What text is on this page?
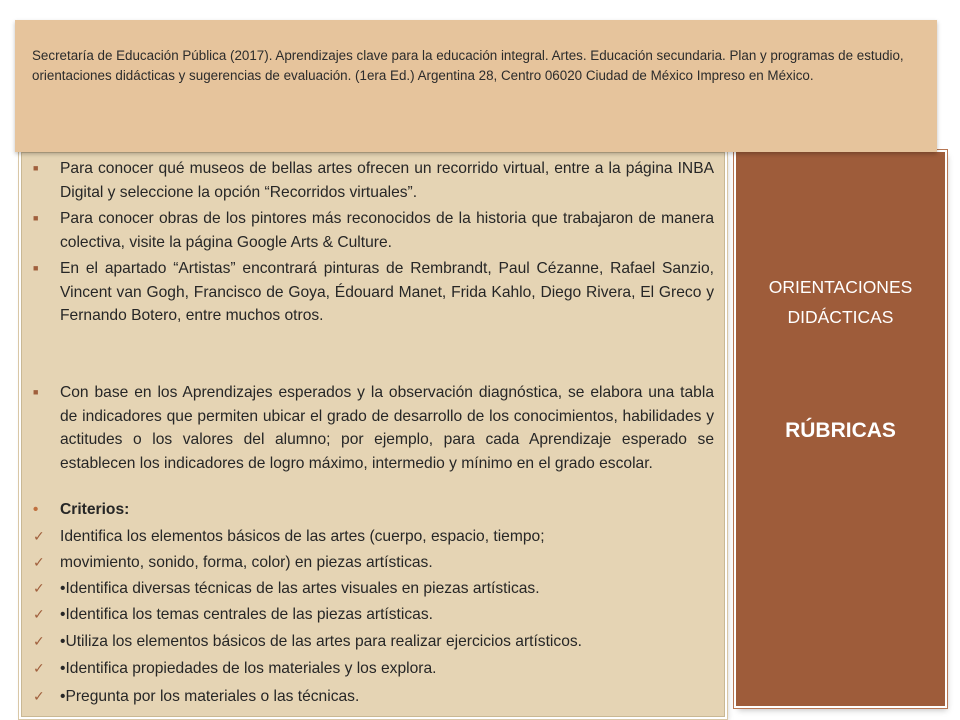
Secretaría de Educación Pública (2017). Aprendizajes clave para la educación integral. Artes. Educación secundaria. Plan y programas de estudio, orientaciones didácticas y sugerencias de evaluación. (1era Ed.) Argentina 28, Centro 06020 Ciudad de México Impreso en México.
■ Para conocer qué museos de bellas artes ofrecen un recorrido virtual, entre a la página INBA Digital y seleccione la opción “Recorridos virtuales”.
■ Para conocer obras de los pintores más reconocidos de la historia que trabajaron de manera colectiva, visite la página Google Arts & Culture.
■ En el apartado “Artistas” encontrará pinturas de Rembrandt, Paul Cézanne, Rafael Sanzio, Vincent van Gogh, Francisco de Goya, Édouard Manet, Frida Kahlo, Diego Rivera, El Greco y Fernando Botero, entre muchos otros.
■ Con base en los Aprendizajes esperados y la observación diagnóstica, se elabora una tabla de indicadores que permiten ubicar el grado de desarrollo de los conocimientos, habilidades y actitudes o los valores del alumno; por ejemplo, para cada Aprendizaje esperado se establecen los indicadores de logro máximo, intermedio y mínimo en el grado escolar.
• Criterios:
✓ Identifica los elementos básicos de las artes (cuerpo, espacio, tiempo;
✓ movimiento, sonido, forma, color) en piezas artísticas.
✓ •Identifica diversas técnicas de las artes visuales en piezas artísticas.
✓ •Identifica los temas centrales de las piezas artísticas.
✓ •Utiliza los elementos básicos de las artes para realizar ejercicios artísticos.
✓ •Identifica propiedades de los materiales y los explora.
✓ •Pregunta por los materiales o las técnicas.
ORIENTACIONES DIDÁCTICAS
RÚBRICAS
